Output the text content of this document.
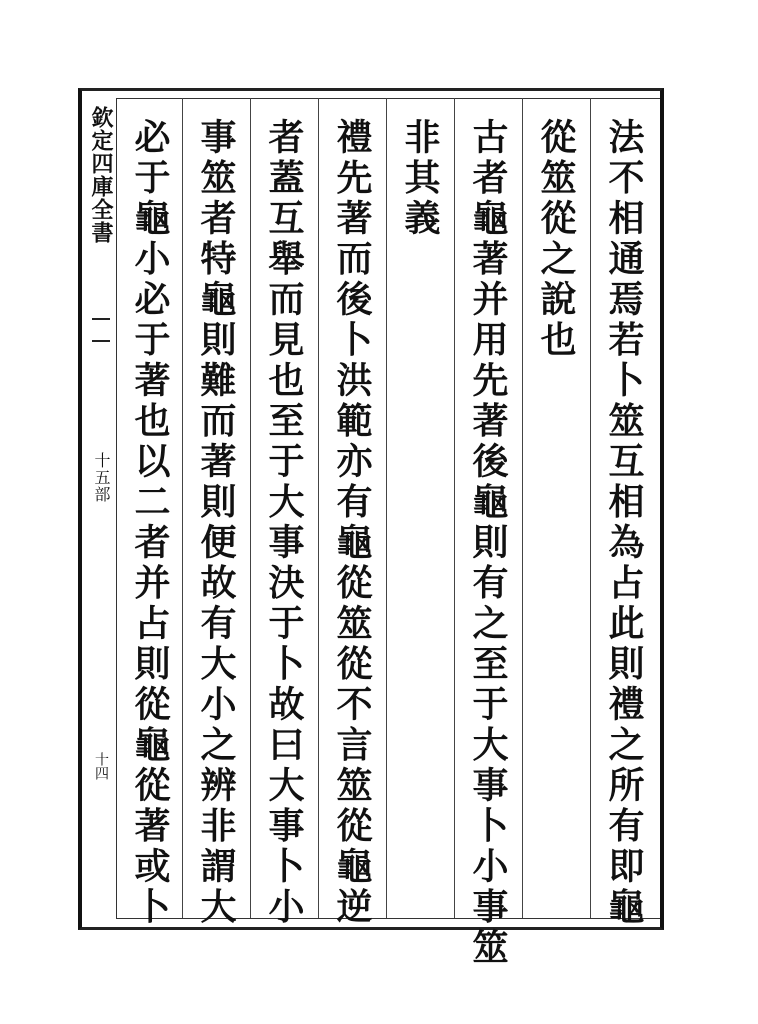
欽定四庫全書
十五部
十四	法不相通焉若卜筮互相為占此則禮之所有即龜
從筮從之說也
古者龜著并用先著後龜則有之至于大事卜小事筮
非其義
禮先著而後卜洪範亦有龜從筮從不言筮從龜逆
者蓋互舉而見也至于大事決于卜故曰大事卜小
事筮者特龜則難而著則便故有大小之辨非謂大
必于龜小必于著也以二者并占則從龜從著或卜
